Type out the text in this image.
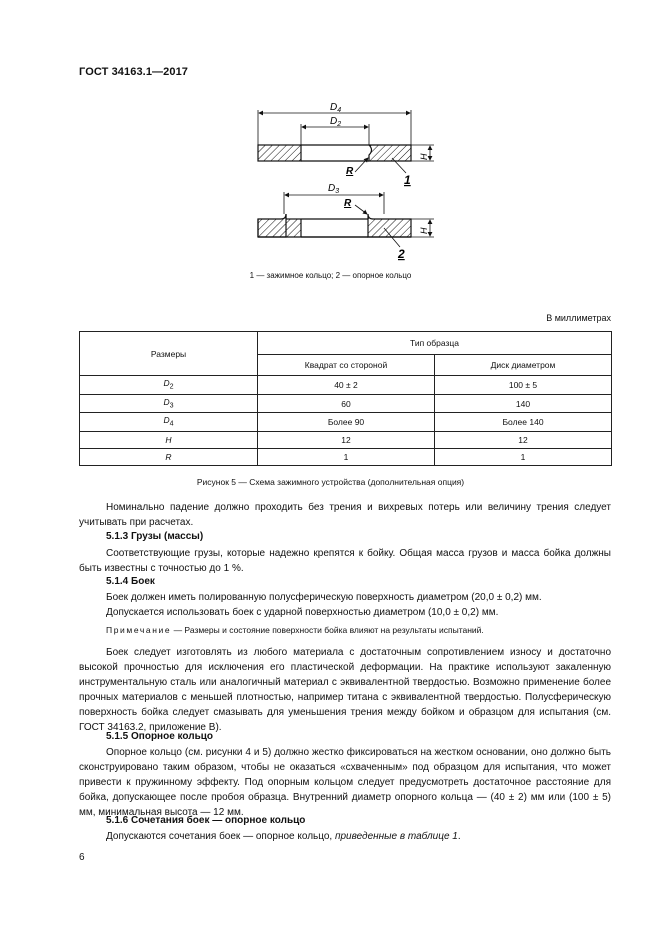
ГОСТ 34163.1—2017
$D_4$
$D_2$
H
R
1
$D_3$
R
H
2
1 — зажимное кольцо; 2 — опорное кольцо
В миллиметрах
Размеры	Тип образца	
	Квадрат со стороной	Диск диаметром
$D_2$	40 ± 2	100 ± 5
$D_3$	60	140
$D_4$	Более 90	Более 140
H	12	12
R	1	1
Рисунок 5 — Схема зажимного устройства (дополнительная опция)
Номинально падение должно проходить без трения и вихревых потерь или величину трения следует учитывать при расчетах.
5.1.3 Грузы (массы)
Соответствующие грузы, которые надежно крепятся к бойку. Общая масса грузов и масса бойка должны быть известны с точностью до 1 %.
5.1.4 Боек
Боек должен иметь полированную полусферическую поверхность диаметром (20,0 ± 0,2) мм.
Допускается использовать боек с ударной поверхностью диаметром (10,0 ± 0,2) мм.
Примечание — Размеры и состояние поверхности бойка влияют на результаты испытаний.
Боек следует изготовлять из любого материала с достаточным сопротивлением износу и достаточно высокой прочностью для исключения его пластической деформации. На практике используют закаленную инструментальную сталь или аналогичный материал с эквивалентной твердостью. Возможно применение более прочных материалов с меньшей плотностью, например титана с эквивалентной твердостью. Полусферическую поверхность бойка следует смазывать для уменьшения трения между бойком и образцом для испытания (см. ГОСТ 34163.2, приложение В).
5.1.5 Опорное кольцо
Опорное кольцо (см. рисунки 4 и 5) должно жестко фиксироваться на жестком основании, оно должно быть сконструировано таким образом, чтобы не оказаться «схваченным» под образцом для испытания, что может привести к пружинному эффекту. Под опорным кольцом следует предусмотреть достаточное расстояние для бойка, допускающее после пробоя образца. Внутренний диаметр опорного кольца — (40 ± 2) мм или (100 ± 5) мм, минимальная высота — 12 мм.
5.1.6 Сочетания боек — опорное кольцо
Допускаются сочетания боек — опорное кольцо, приведенные в таблице 1.
6
